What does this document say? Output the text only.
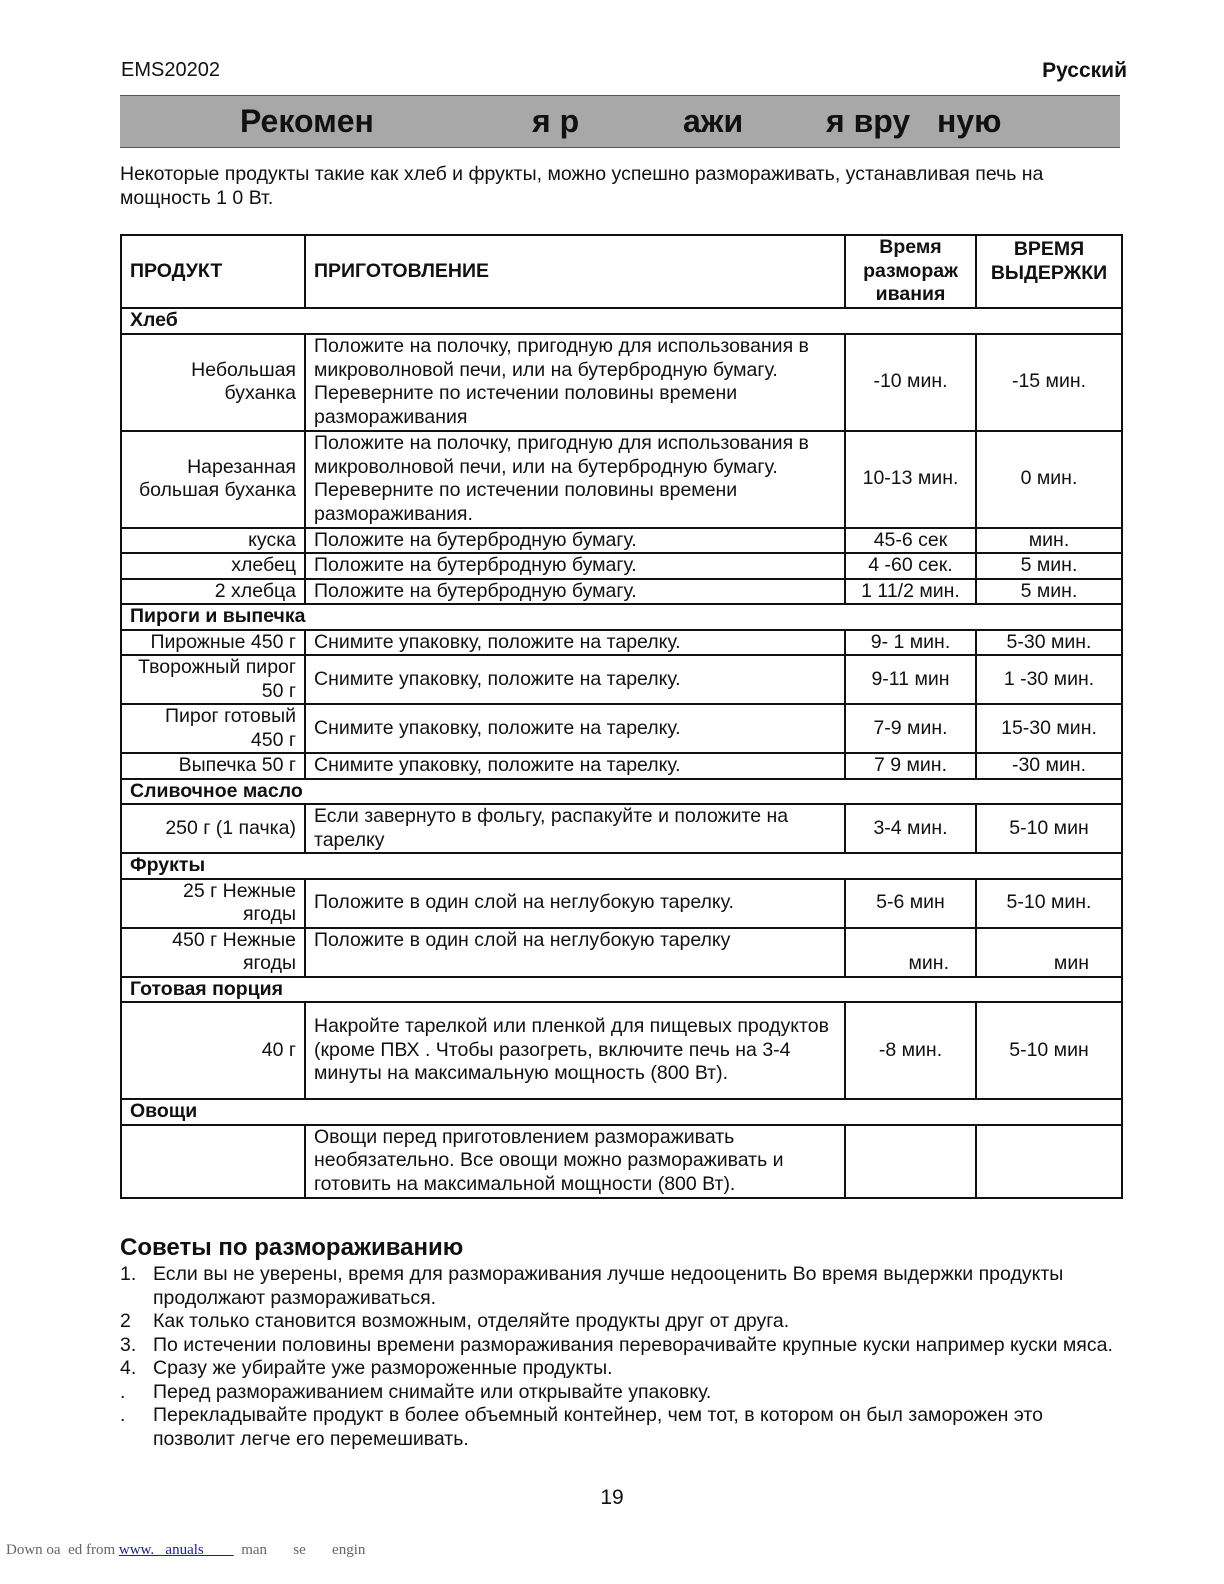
EMS20202	Русский
Рекомен	я р	ажи	я вру ную
Некоторые продукты такие как хлеб и фрукты, можно успешно размораживать, устанавливая печь на мощность 1 0 Вт.
ПРОДУКТ	ПРИГОТОВЛЕНИЕ	Время размораж ивания	ВРЕМЯ ВЫДЕРЖКИ
Хлеб			
Небольшая буханка	Положите на полочку, пригодную для использования в микроволновой печи, или на бутербродную бумагу. Переверните по истечении половины времени размораживания	-10 мин.	-15 мин.
Нарезанная большая буханка	Положите на полочку, пригодную для использования в микроволновой печи, или на бутербродную бумагу. Переверните по истечении половины времени размораживания.	10-13 мин.	0 мин.
куска	Положите на бутербродную бумагу.	45-6 сек	мин.
хлебец	Положите на бутербродную бумагу.	4 -60 сек.	5 мин.
2 хлебца	Положите на бутербродную бумагу.	1 11/2 мин.	5 мин.
Пироги и выпечка			
Пирожные 450 г	Снимите упаковку, положите на тарелку.	9- 1 мин.	5-30 мин.
Творожный пирог 50 г	Снимите упаковку, положите на тарелку.	9-11 мин	1 -30 мин.
Пирог готовый 450 г	Снимите упаковку, положите на тарелку.	7-9 мин.	15-30 мин.
Выпечка 50 г	Снимите упаковку, положите на тарелку.	7 9 мин.	-30 мин.
Сливочное масло			
250 г (1 пачка)	Если завернуто в фольгу, распакуйте и положите на тарелку	3-4 мин.	5-10 мин
Фрукты			
25 г Нежные ягоды	Положите в один слой на неглубокую тарелку.	5-6 мин	5-10 мин.
450 г Нежные ягоды	Положите в один слой на неглубокую тарелку	мин.	мин
Готовая порция			
40 г	Накройте тарелкой или пленкой для пищевых продуктов (кроме ПВХ . Чтобы разогреть, включите печь на 3-4 минуты на максимальную мощность (800 Вт).	-8 мин.	5-10 мин
Овощи			
	Овощи перед приготовлением размораживать необязательно. Все овощи можно размораживать и готовить на максимальной мощности (800 Вт).		
Советы по размораживанию
1. Если вы не уверены, время для размораживания лучше недооценить Во время выдержки продукты продолжают размораживаться.
2	Как только становится возможным, отделяйте продукты друг от друга.
3. По истечении половины времени размораживания переворачивайте крупные куски например куски мяса.
4. Сразу же убирайте уже размороженные продукты.
.	Перед размораживанием снимайте или открывайте упаковку.
.	Перекладывайте продукт в более объемный контейнер, чем тот, в котором он был заморожен это позволит легче его перемешивать.
19
Down oa  ed from www.   anuals          man       se       engin
